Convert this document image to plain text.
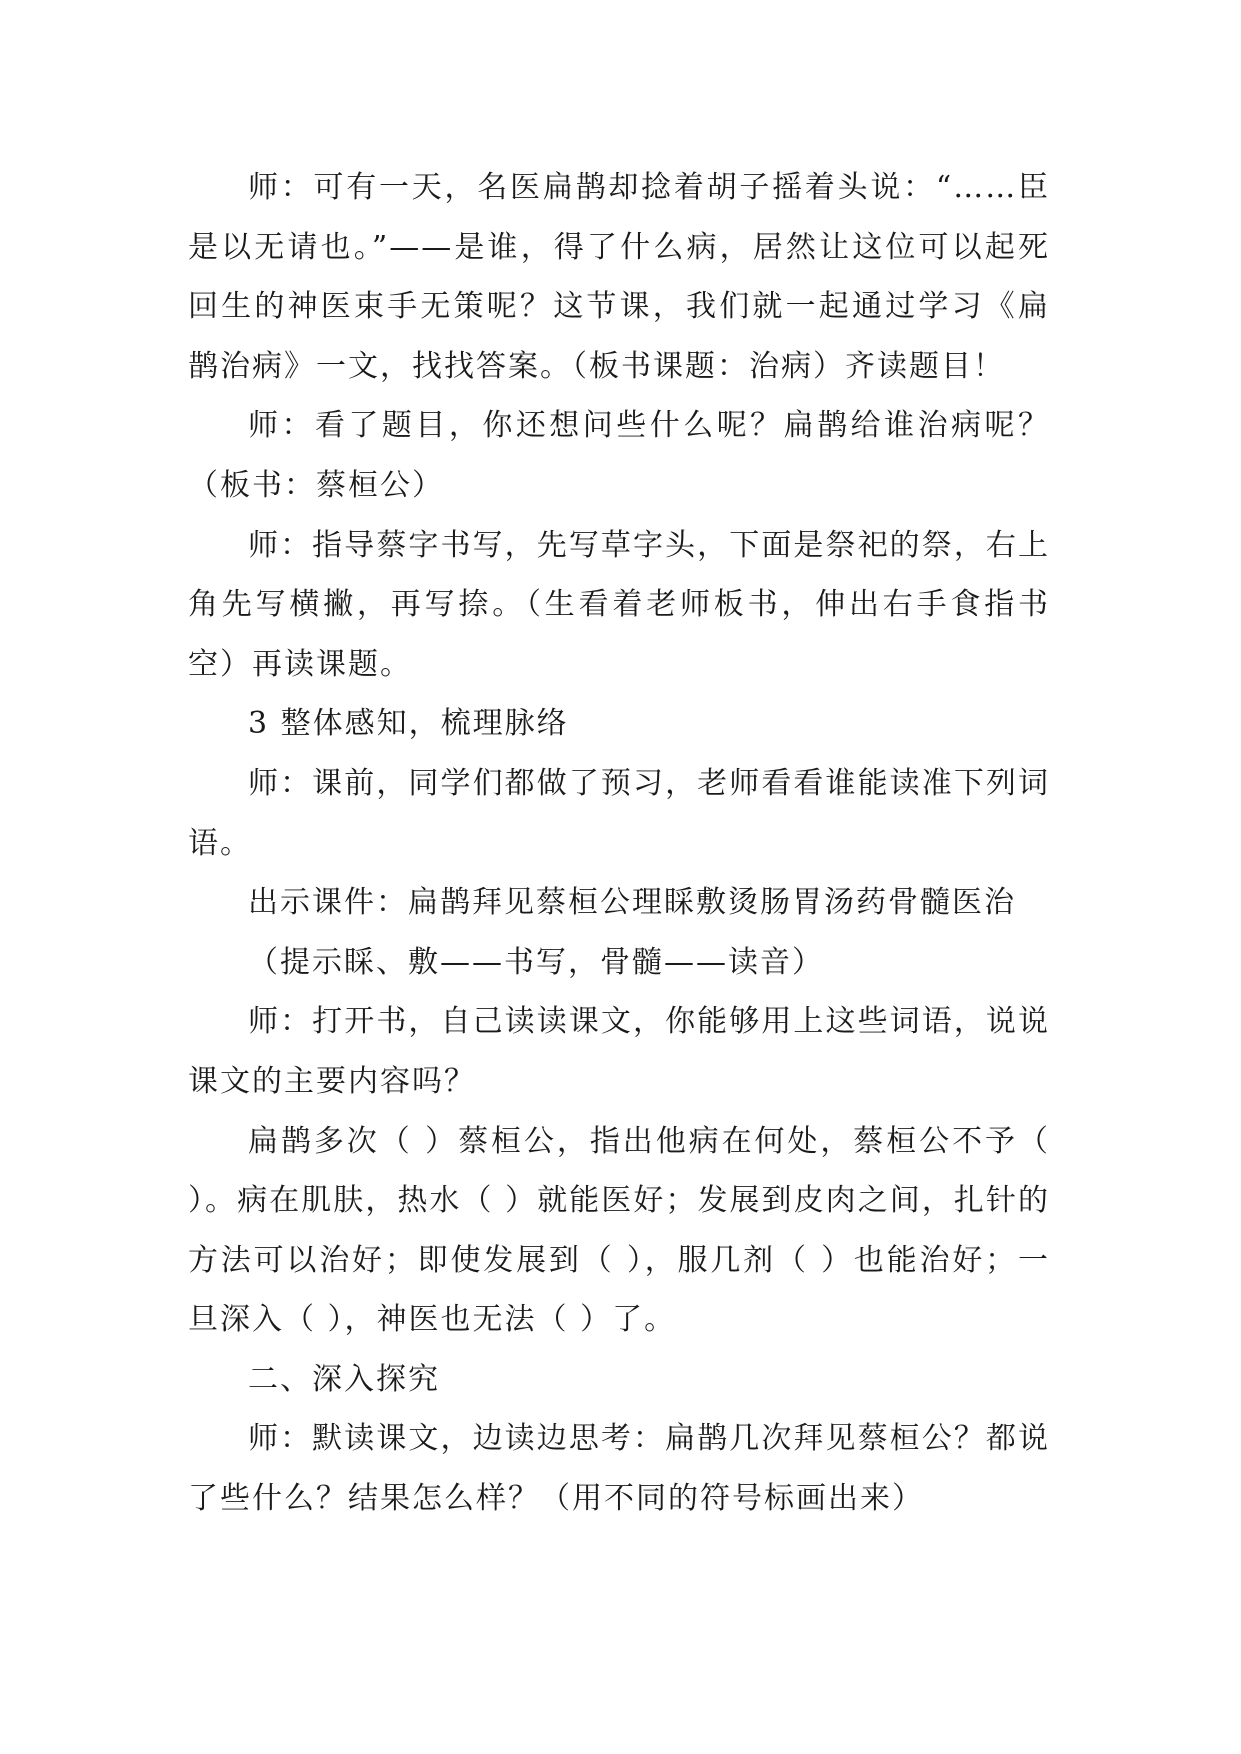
师：可有一天，名医扁鹊却捻着胡子摇着头说：“……臣是以无请也。”——是谁，得了什么病，居然让这位可以起死回生的神医束手无策呢？这节课，我们就一起通过学习《扁鹊治病》一文，找找答案。（板书课题：治病）齐读题目！

师：看了题目，你还想问些什么呢？扁鹊给谁治病呢？（板书：蔡桓公）

师：指导蔡字书写，先写草字头，下面是祭祀的祭，右上角先写横撇，再写捺。（生看着老师板书，伸出右手食指书空）再读课题。

3 整体感知，梳理脉络

师：课前，同学们都做了预习，老师看看谁能读准下列词语。

出示课件：扁鹊拜见蔡桓公理睬敷烫肠胃汤药骨髓医治

（提示睬、敷——书写，骨髓——读音）

师：打开书，自己读读课文，你能够用上这些词语，说说课文的主要内容吗？

扁鹊多次（ ）蔡桓公，指出他病在何处，蔡桓公不予（ ）。病在肌肤，热水（ ）就能医好；发展到皮肉之间，扎针的方法可以治好；即使发展到（ ），服几剂（ ）也能治好；一旦深入（ ），神医也无法（ ）了。

二、深入探究

师：默读课文，边读边思考：扁鹊几次拜见蔡桓公？都说了些什么？结果怎么样？（用不同的符号标画出来）
